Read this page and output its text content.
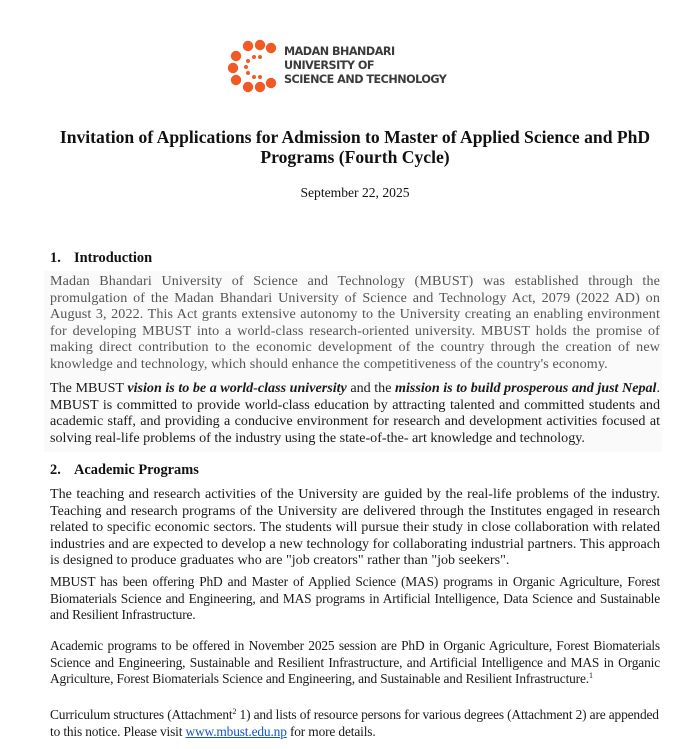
MADAN BHANDARI
UNIVERSITY OF
SCIENCE AND TECHNOLOGY
Invitation of Applications for Admission to Master of Applied Science and PhD
Programs (Fourth Cycle)
September 22, 2025
1. Introduction

Madan Bhandari University of Science and Technology (MBUST) was established through the promulgation of the Madan Bhandari University of Science and Technology Act, 2079 (2022 AD) on August 3, 2022. This Act grants extensive autonomy to the University creating an enabling environment for developing MBUST into a world-class research-oriented university. MBUST holds the promise of making direct contribution to the economic development of the country through the creation of new knowledge and technology, which should enhance the competitiveness of the country's economy.

The MBUST vision is to be a world-class university and the mission is to build prosperous and just Nepal. MBUST is committed to provide world-class education by attracting talented and committed students and academic staff, and providing a conducive environment for research and development activities focused at solving real-life problems of the industry using the state-of-the- art knowledge and technology.

2. Academic Programs

The teaching and research activities of the University are guided by the real-life problems of the industry. Teaching and research programs of the University are delivered through the Institutes engaged in research related to specific economic sectors. The students will pursue their study in close collaboration with related industries and are expected to develop a new technology for collaborating industrial partners. This approach is designed to produce graduates who are "job creators" rather than "job seekers".

MBUST has been offering PhD and Master of Applied Science (MAS) programs in Organic Agriculture, Forest Biomaterials Science and Engineering, and MAS programs in Artificial Intelligence, Data Science and Sustainable and Resilient Infrastructure.

Academic programs to be offered in November 2025 session are PhD in Organic Agriculture, Forest Biomaterials Science and Engineering, Sustainable and Resilient Infrastructure, and Artificial Intelligence and MAS in Organic Agriculture, Forest Biomaterials Science and Engineering, and Sustainable and Resilient Infrastructure.$^1$

Curriculum structures (Attachment$^2$ 1) and lists of resource persons for various degrees (Attachment 2) are appended to this notice. Please visit www.mbust.edu.np for more details.
